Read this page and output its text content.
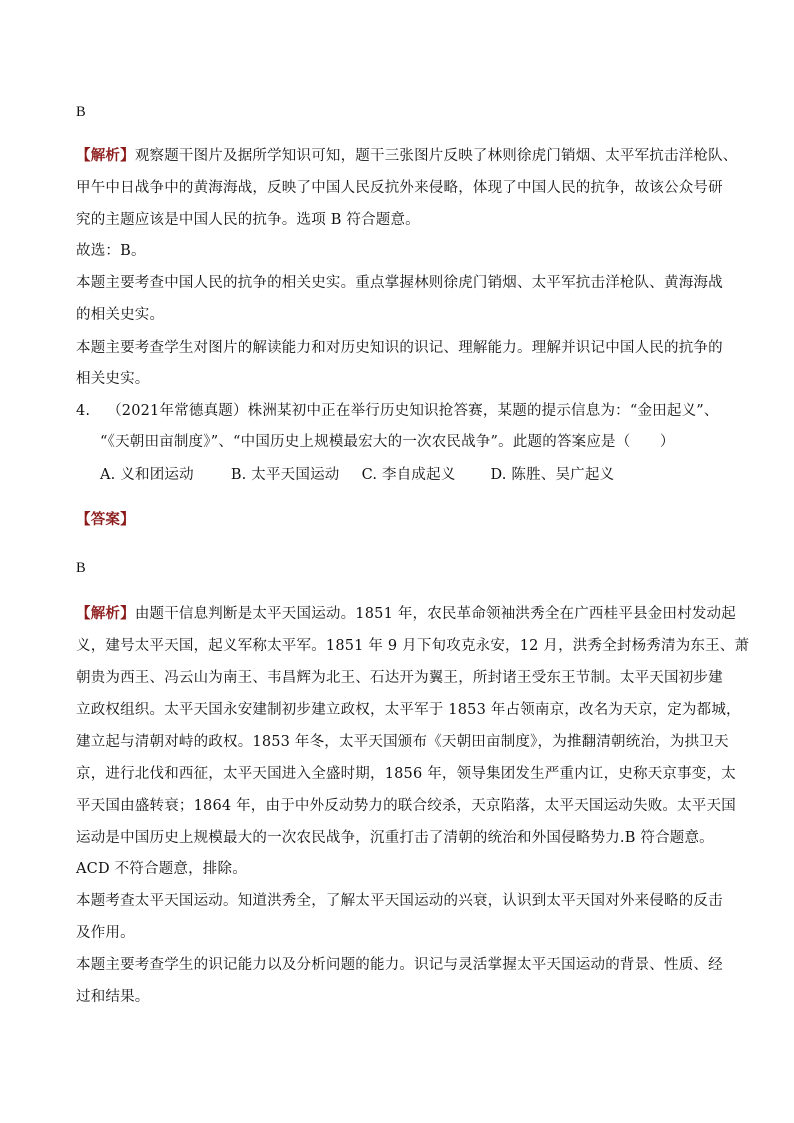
B
【解析】观察题干图片及据所学知识可知，题干三张图片反映了林则徐虎门销烟、太平军抗击洋枪队、
甲午中日战争中的黄海海战，反映了中国人民反抗外来侵略，体现了中国人民的抗争，故该公众号研
究的主题应该是中国人民的抗争。选项 B 符合题意。
故选：B。
本题主要考查中国人民的抗争的相关史实。重点掌握林则徐虎门销烟、太平军抗击洋枪队、黄海海战
的相关史实。
本题主要考查学生对图片的解读能力和对历史知识的识记、理解能力。理解并识记中国人民的抗争的
相关史实。
4. （2021年常德真题）株洲某初中正在举行历史知识抢答赛，某题的提示信息为：“金田起义”、
“《天朝田亩制度》”、“中国历史上规模最宏大的一次农民战争”。此题的答案应是（　　）
A. 义和团运动	B. 太平天国运动 C. 李自成起义 D. 陈胜、吴广起义
【答案】
B
【解析】由题干信息判断是太平天国运动。1851 年，农民革命领袖洪秀全在广西桂平县金田村发动起
义，建号太平天国，起义军称太平军。1851 年 9 月下旬攻克永安，12 月，洪秀全封杨秀清为东王、萧
朝贵为西王、冯云山为南王、韦昌辉为北王、石达开为翼王，所封诸王受东王节制。太平天国初步建
立政权组织。太平天国永安建制初步建立政权，太平军于 1853 年占领南京，改名为天京，定为都城，
建立起与清朝对峙的政权。1853 年冬，太平天国颁布《天朝田亩制度》，为推翻清朝统治，为拱卫天
京，进行北伐和西征，太平天国进入全盛时期，1856 年，领导集团发生严重内讧，史称天京事变，太
平天国由盛转衰；1864 年，由于中外反动势力的联合绞杀，天京陷落，太平天国运动失败。太平天国
运动是中国历史上规模最大的一次农民战争，沉重打击了清朝的统治和外国侵略势力.B 符合题意。
ACD 不符合题意，排除。
本题考查太平天国运动。知道洪秀全，了解太平天国运动的兴衰，认识到太平天国对外来侵略的反击
及作用。
本题主要考查学生的识记能力以及分析问题的能力。识记与灵活掌握太平天国运动的背景、性质、经
过和结果。
